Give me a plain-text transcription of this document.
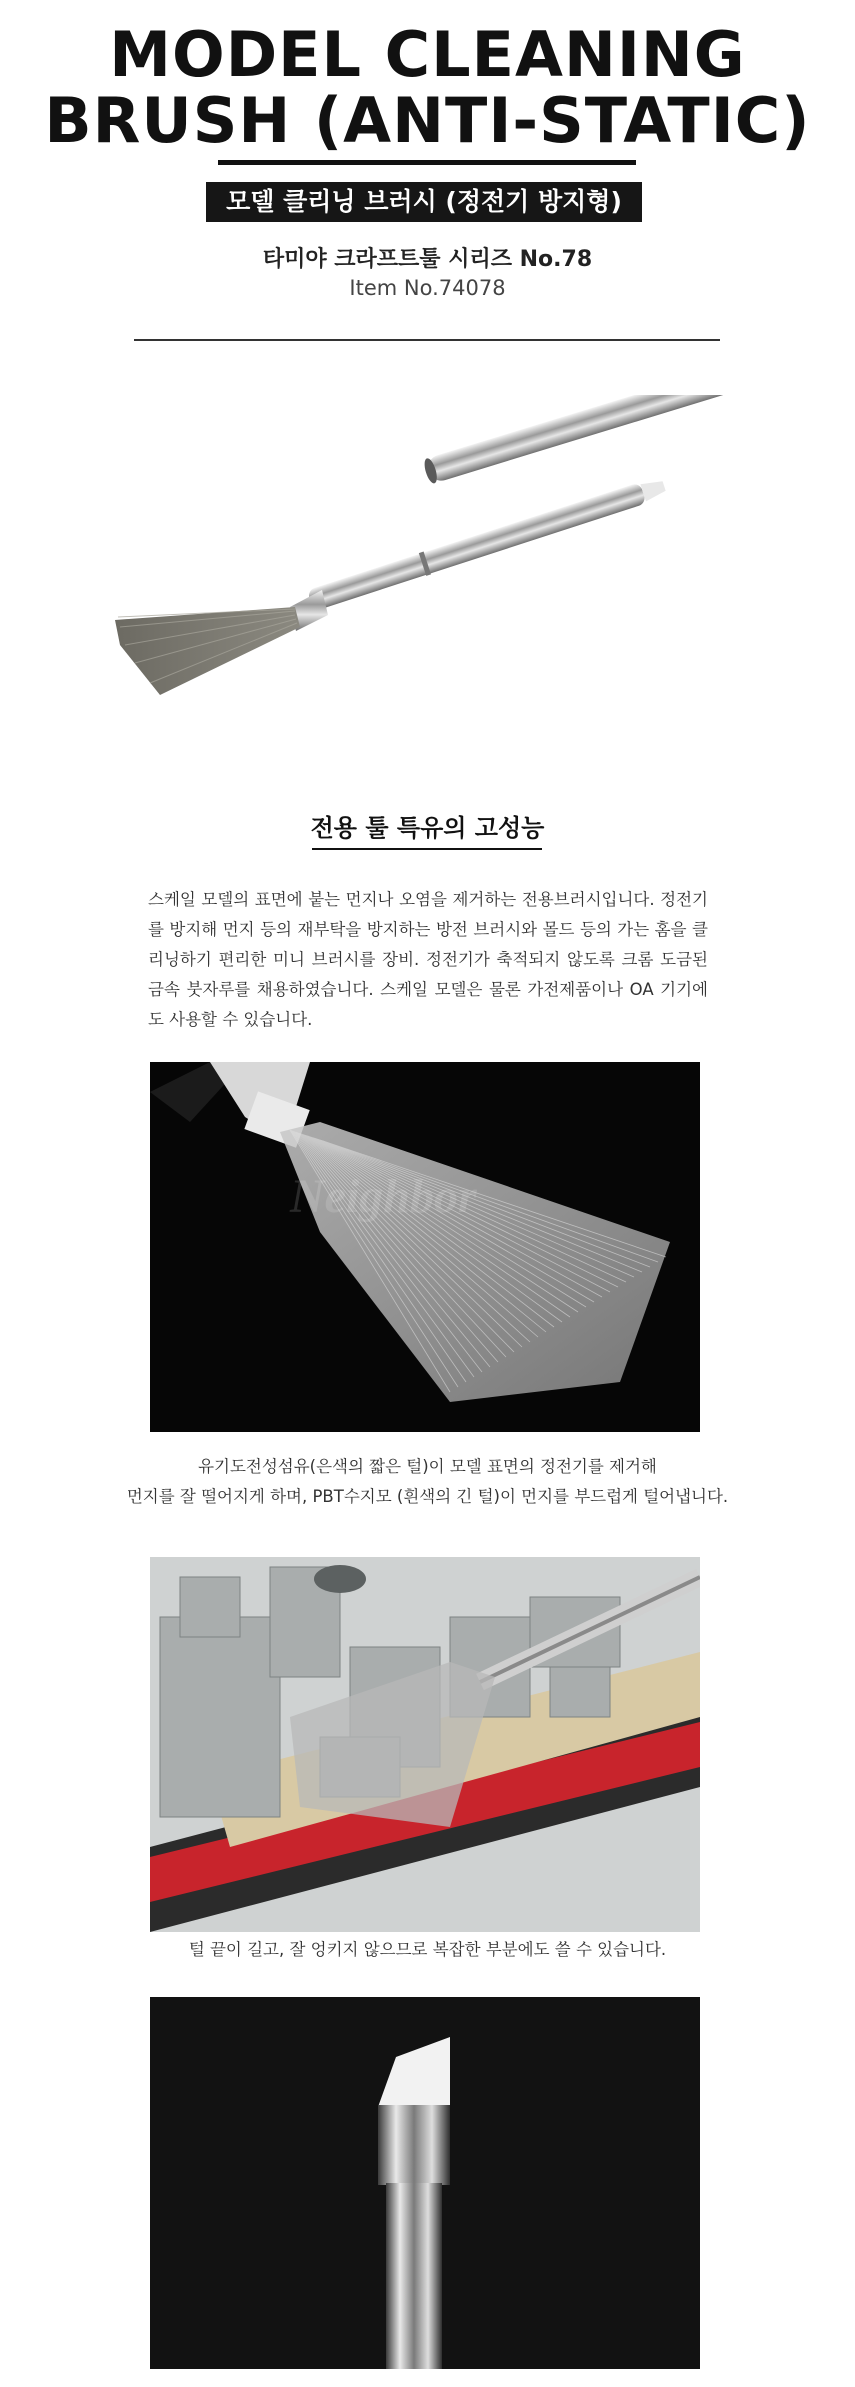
MODEL CLEANING
BRUSH (ANTI-STATIC)
모델 클리닝 브러시 (정전기 방지형)
타미야 크라프트툴 시리즈 No.78
Item No.74078
전용 툴 특유의 고성능
스케일 모델의 표면에 붙는 먼지나 오염을 제거하는 전용브러시입니다. 정전기를 방지해 먼지 등의 재부탁을 방지하는 방전 브러시와 몰드 등의 가는 홈을 클리닝하기 편리한 미니 브러시를 장비. 정전기가 축적되지 않도록 크롬 도금된 금속 붓자루를 채용하였습니다. 스케일 모델은 물론 가전제품이나 OA 기기에도 사용할 수 있습니다.
Neighbor
유기도전성섬유(은색의 짧은 털)이 모델 표면의 정전기를 제거해
먼지를 잘 떨어지게 하며, PBT수지모 (흰색의 긴 털)이 먼지를 부드럽게 털어냅니다.
털 끝이 길고, 잘 엉키지 않으므로 복잡한 부분에도 쓸 수 있습니다.
